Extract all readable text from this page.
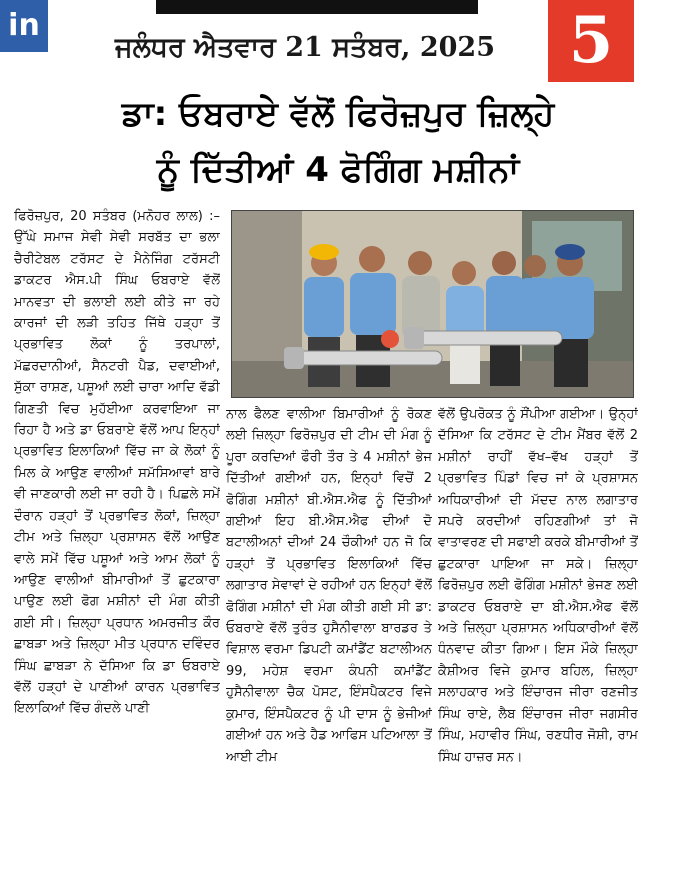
in
ਜਲੰਧਰ ਐਤਵਾਰ 21 ਸਤੰਬਰ, 2025	5
ਡਾ: ਓਬਰਾਏ ਵੱਲੋਂ ਫਿਰੋਜ਼ਪੁਰ ਜ਼ਿਲ੍ਹੇ
ਨੂੰ ਦਿੱਤੀਆਂ 4 ਫੋਗਿੰਗ ਮਸ਼ੀਨਾਂ
ਫਿਰੋਜ਼ਪੁਰ, 20 ਸਤੰਬਰ (ਮਨੋਹਰ ਲਾਲ) :– ਉੱਘੇ ਸਮਾਜ ਸੇਵੀ ਸੇਵੀ ਸਰਬੱਤ ਦਾ ਭਲਾ ਚੈਰੀਟੇਬਲ ਟਰੱਸਟ ਦੇ ਮੈਨੇਜਿੰਗ ਟਰੱਸਟੀ ਡਾਕਟਰ ਐਸ.ਪੀ ਸਿੰਘ ਓਬਰਾਏ ਵੱਲੋਂ ਮਾਨਵਤਾ ਦੀ ਭਲਾਈ ਲਈ ਕੀਤੇ ਜਾ ਰਹੇ ਕਾਰਜਾਂ ਦੀ ਲੜੀ ਤਹਿਤ ਜਿੱਥੇ ਹੜ੍ਹਾ ਤੋਂ ਪ੍ਰਭਾਵਿਤ ਲੋਕਾਂ ਨੂੰ ਤਰਪਾਲਾਂ, ਮੱਛਰਦਾਨੀਆਂ, ਸੈਨਟਰੀ ਪੈਡ, ਦਵਾਈਆਂ, ਸੁੱਕਾ ਰਾਸ਼ਣ, ਪਸ਼ੂਆਂ ਲਈ ਚਾਰਾ ਆਦਿ ਵੱਡੀ ਗਿਣਤੀ ਵਿਚ ਮੁਹੱਈਆ ਕਰਵਾਇਆ ਜਾ ਰਿਹਾ ਹੈ ਅਤੇ ਡਾ ਓਬਰਾਏ ਵੱਲੋਂ ਆਪ ਇਨ੍ਹਾਂ ਪ੍ਰਭਾਵਿਤ ਇਲਾਕਿਆਂ ਵਿੱਚ ਜਾ ਕੇ ਲੋਕਾਂ ਨੂੰ ਮਿਲ ਕੇ ਆਉਣ ਵਾਲੀਆਂ ਸਮੱਸਿਆਵਾਂ ਬਾਰੇ ਵੀ ਜਾਣਕਾਰੀ ਲਈ ਜਾ ਰਹੀ ਹੈ। ਪਿਛਲੇ ਸਮੇਂ ਦੌਰਾਨ ਹੜ੍ਹਾਂ ਤੋਂ ਪ੍ਰਭਾਵਿਤ ਲੋਕਾਂ, ਜ਼ਿਲ੍ਹਾ ਟੀਮ ਅਤੇ ਜ਼ਿਲ੍ਹਾ ਪ੍ਰਸ਼ਾਸਨ ਵੱਲੋਂ ਆਉਣ ਵਾਲੇ ਸਮੇਂ ਵਿੱਚ ਪਸ਼ੂਆਂ ਅਤੇ ਆਮ ਲੋਕਾਂ ਨੂੰ ਆਉਣ ਵਾਲੀਆਂ ਬੀਮਾਰੀਆਂ ਤੋਂ ਛੁਟਕਾਰਾ ਪਾਉਣ ਲਈ ਫੋਗ ਮਸ਼ੀਨਾਂ ਦੀ ਮੰਗ ਕੀਤੀ ਗਈ ਸੀ। ਜ਼ਿਲ੍ਹਾ ਪ੍ਰਧਾਨ ਅਮਰਜੀਤ ਕੌਰ ਛਾਬੜਾ ਅਤੇ ਜ਼ਿਲ੍ਹਾ ਮੀਤ ਪ੍ਰਧਾਨ ਦਵਿੰਦਰ ਸਿੰਘ ਛਾਬੜਾ ਨੇ ਦੱਸਿਆ ਕਿ ਡਾ ਓਬਰਾਏ ਵੱਲੋਂ ਹੜ੍ਹਾਂ ਦੇ ਪਾਣੀਆਂ ਕਾਰਨ ਪ੍ਰਭਾਵਿਤ ਇਲਾਕਿਆਂ ਵਿੱਚ ਗੰਦਲੇ ਪਾਣੀ
ਨਾਲ ਫੈਲਣ ਵਾਲੀਆ ਬਿਮਾਰੀਆਂ ਨੂੰ ਰੋਕਣ ਲਈ ਜ਼ਿਲ੍ਹਾ ਫਿਰੋਜ਼ਪੁਰ ਦੀ ਟੀਮ ਦੀ ਮੰਗ ਨੂੰ ਪੂਰਾ ਕਰਦਿਆਂ ਫੌਰੀ ਤੌਰ ਤੇ 4 ਮਸ਼ੀਨਾਂ ਭੇਜ ਦਿੱਤੀਆਂ ਗਈਆਂ ਹਨ, ਇਨ੍ਹਾਂ ਵਿਚੋਂ 2 ਫੋਗਿੰਗ ਮਸ਼ੀਨਾਂ ਬੀ.ਐਸ.ਐਫ ਨੂੰ ਦਿੱਤੀਆਂ ਗਈਆਂ ਇਹ ਬੀ.ਐਸ.ਐਫ ਦੀਆਂ ਦੋ ਬਟਾਲੀਅਨਾਂ ਦੀਆਂ 24 ਚੌਕੀਆਂ ਹਨ ਜੋ ਕਿ ਹੜ੍ਹਾਂ ਤੋਂ ਪ੍ਰਭਾਵਿਤ ਇਲਾਕਿਆਂ ਵਿੱਚ ਲਗਾਤਾਰ ਸੇਵਾਵਾਂ ਦੇ ਰਹੀਆਂ ਹਨ ਇਨ੍ਹਾਂ ਵੱਲੋਂ ਫੋਗਿੰਗ ਮਸ਼ੀਨਾਂ ਦੀ ਮੰਗ ਕੀਤੀ ਗਈ ਸੀ ਡਾ: ਓਬਰਾਏ ਵੱਲੋਂ ਤੁਰੰਤ ਹੁਸੈਨੀਵਾਲਾ ਬਾਰਡਰ ਤੇ ਵਿਸ਼ਾਲ ਵਰਮਾ ਡਿਪਟੀ ਕਮਾਂਡੈਂਟ ਬਟਾਲੀਅਨ 99, ਮਹੇਸ਼ ਵਰਮਾ ਕੰਪਨੀ ਕਮਾਂਡੈਂਟ ਹੁਸੈਨੀਵਾਲਾ ਚੈਕ ਪੋਸਟ, ਇੰਸਪੈਕਟਰ ਵਿਜੇ ਕੁਮਾਰ, ਇੰਸਪੈਕਟਰ ਨੂੰ ਪੀ ਦਾਸ ਨੂੰ ਭੇਜੀਆਂ ਗਈਆਂ ਹਨ ਅਤੇ ਹੈਡ ਆਫਿਸ ਪਟਿਆਲਾ ਤੋਂ ਆਈ ਟੀਮ
ਵੱਲੋਂ ਉਪਰੋਕਤ ਨੂੰ ਸੌਂਪੀਆ ਗਈਆ। ਉਨ੍ਹਾਂ ਦੱਸਿਆ ਕਿ ਟਰੱਸਟ ਦੇ ਟੀਮ ਮੈਂਬਰ ਵੱਲੋਂ 2 ਮਸ਼ੀਨਾਂ ਰਾਹੀਂ ਵੱਖ–ਵੱਖ ਹੜ੍ਹਾਂ ਤੋਂ ਪ੍ਰਭਾਵਿਤ ਪਿੰਡਾਂ ਵਿਚ ਜਾਂ ਕੇ ਪ੍ਰਸ਼ਾਸਨ ਅਧਿਕਾਰੀਆਂ ਦੀ ਮੱਦਦ ਨਾਲ ਲਗਾਤਾਰ ਸਪਰੇ ਕਰਦੀਆਂ ਰਹਿਣਗੀਆਂ ਤਾਂ ਜੋ ਵਾਤਾਵਰਣ ਦੀ ਸਫਾਈ ਕਰਕੇ ਬੀਮਾਰੀਆਂ ਤੋਂ ਛੁਟਕਾਰਾ ਪਾਇਆ ਜਾ ਸਕੇ। ਜ਼ਿਲ੍ਹਾ ਫਿਰੋਜ਼ਪੁਰ ਲਈ ਫੋਗਿੰਗ ਮਸ਼ੀਨਾਂ ਭੇਜਣ ਲਈ ਡਾਕਟਰ ਓਬਰਾਏ ਦਾ ਬੀ.ਐਸ.ਐਫ ਵੱਲੋਂ ਅਤੇ ਜ਼ਿਲ੍ਹਾ ਪ੍ਰਸ਼ਾਸਨ ਅਧਿਕਾਰੀਆਂ ਵੱਲੋਂ ਧੰਨਵਾਦ ਕੀਤਾ ਗਿਆ। ਇਸ ਮੌਕੇ ਜ਼ਿਲ੍ਹਾ ਕੈਸ਼ੀਅਰ ਵਿਜੇ ਕੁਮਾਰ ਬਹਿਲ, ਜ਼ਿਲ੍ਹਾ ਸਲਾਹਕਾਰ ਅਤੇ ਇੰਚਾਰਜ ਜੀਰਾ ਰਣਜੀਤ ਸਿੰਘ ਰਾਏ, ਲੈਬ ਇੰਚਾਰਜ ਜੀਰਾ ਜਗਸੀਰ ਸਿੰਘ, ਮਹਾਵੀਰ ਸਿੰਘ, ਰਣਧੀਰ ਜੋਸ਼ੀ, ਰਾਮ ਸਿੰਘ ਹਾਜ਼ਰ ਸਨ।
